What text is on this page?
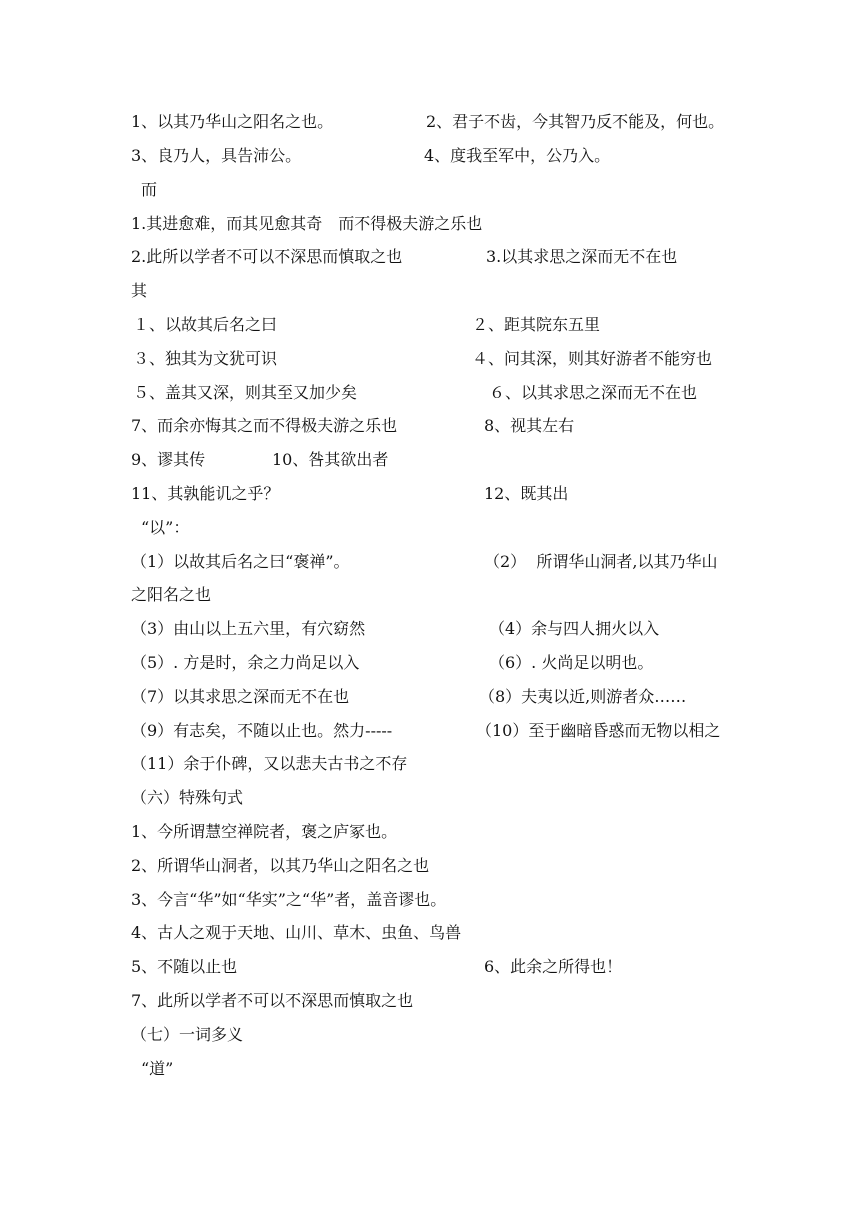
1、以其乃华山之阳名之也。	2、君子不齿，今其智乃反不能及，何也。
3、良乃人，具告沛公。	4、度我至军中，公乃入。
而
1.其进愈难，而其见愈其奇　而不得极夫游之乐也
2.此所以学者不可以不深思而慎取之也	3.以其求思之深而无不在也
其
１、以故其后名之曰	２、距其院东五里
３、独其为文犹可识	４、问其深，则其好游者不能穷也
５、盖其又深，则其至又加少矣	６、以其求思之深而无不在也
7、而余亦悔其之而不得极夫游之乐也	8、视其左右
9、谬其传	10、咎其欲出者
11、其孰能讥之乎？	12、既其出
“以”：
（1）以故其后名之曰“褒禅”。	（2）  所谓华山洞者,以其乃华山
之阳名之也
（3）由山以上五六里，有穴窈然	（4）余与四人拥火以入
（5）. 方是时，余之力尚足以入	（6）. 火尚足以明也。
（7）以其求思之深而无不在也	（8）夫夷以近,则游者众……
（9）有志矣，不随以止也。然力-----	（10）至于幽暗昏惑而无物以相之
（11）余于仆碑，又以悲夫古书之不存
（六）特殊句式
1、今所谓慧空禅院者，褒之庐冢也。
2、所谓华山洞者，以其乃华山之阳名之也
3、今言“华”如“华实”之“华”者，盖音谬也。
4、古人之观于天地、山川、草木、虫鱼、鸟兽
5、不随以止也	6、此余之所得也！
7、此所以学者不可以不深思而慎取之也
（七）一词多义
“道”
